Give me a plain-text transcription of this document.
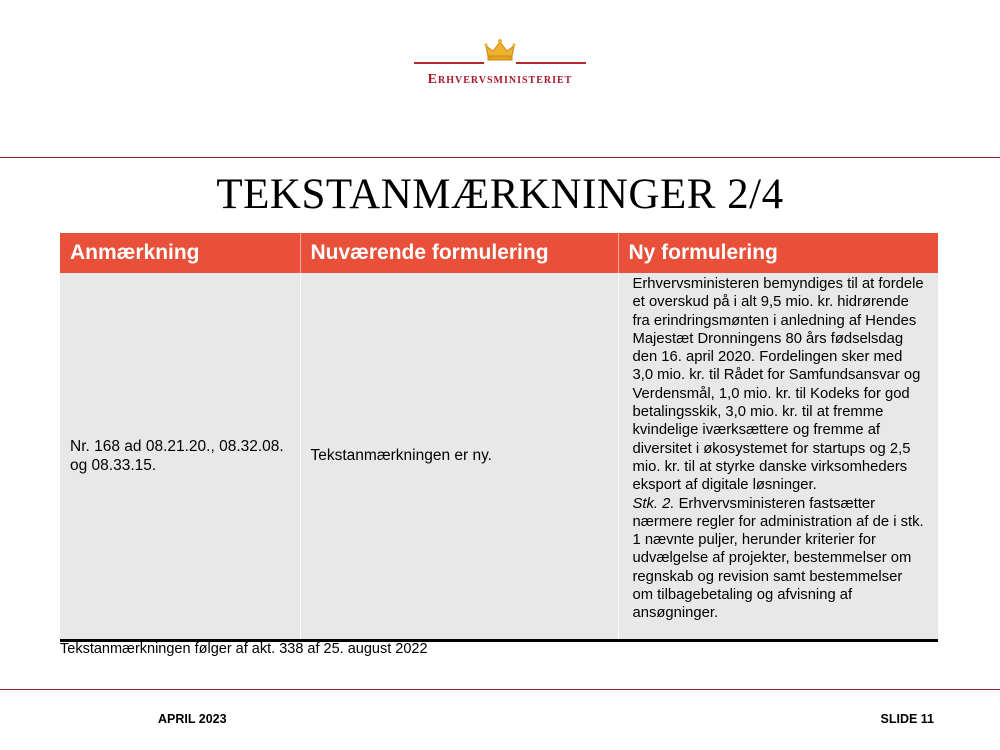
Erhvervsministeriet
TEKSTANMÆRKNINGER 2/4
Anmærkning	Nuværende formulering	Ny formulering
Nr. 168 ad 08.21.20., 08.32.08. og 08.33.15.	Tekstanmærkningen er ny.	Erhvervsministeren bemyndiges til at fordele et overskud på i alt 9,5 mio. kr. hidrørende fra erindringsmønten i anledning af Hendes Majestæt Dronningens 80 års fødselsdag den 16. april 2020. Fordelingen sker med 3,0 mio. kr. til Rådet for Samfundsansvar og Verdensmål, 1,0 mio. kr. til Kodeks for god betalingsskik, 3,0 mio. kr. til at fremme kvindelige iværksættere og fremme af diversitet i økosystemet for startups og 2,5 mio. kr. til at styrke danske virksomheders eksport af digitale løsninger.
Stk. 2. Erhvervsministeren fastsætter nærmere regler for administration af de i stk. 1 nævnte puljer, herunder kriterier for udvælgelse af projekter, bestemmelser om regnskab og revision samt bestemmelser om tilbagebetaling og afvisning af ansøgninger.
Tekstanmærkningen følger af akt. 338 af 25. august 2022
APRIL 2023	SLIDE 11
